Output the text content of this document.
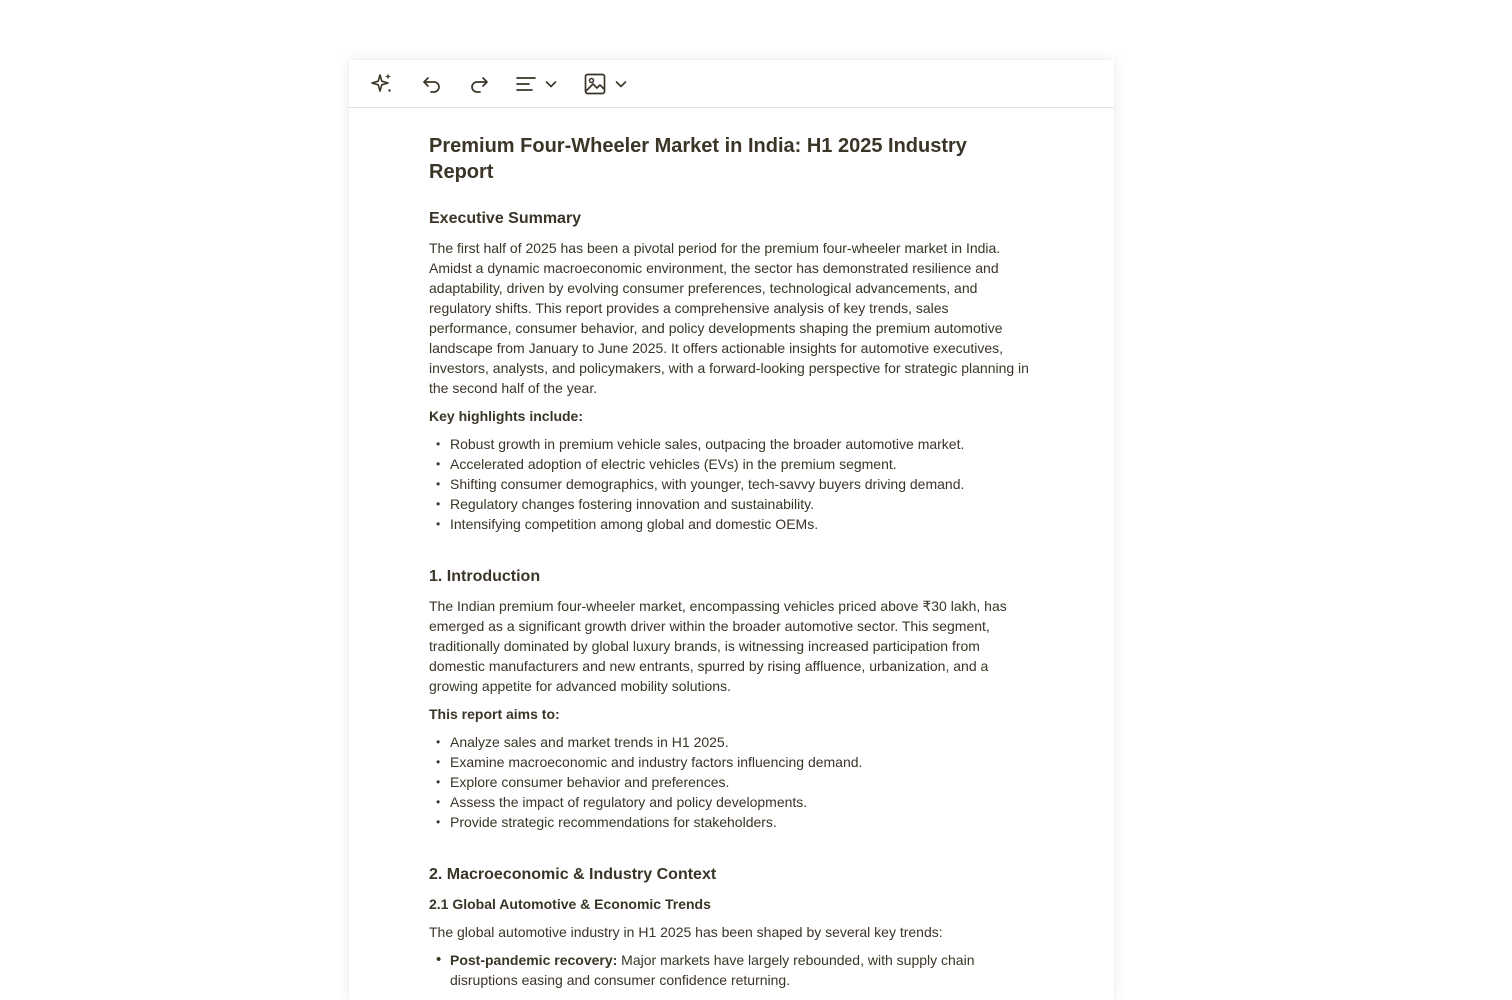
Premium Four-Wheeler Market in India: H1 2025 Industry Report
Executive Summary

The first half of 2025 has been a pivotal period for the premium four-wheeler market in India. Amidst a dynamic macroeconomic environment, the sector has demonstrated resilience and adaptability, driven by evolving consumer preferences, technological advancements, and regulatory shifts. This report provides a comprehensive analysis of key trends, sales performance, consumer behavior, and policy developments shaping the premium automotive landscape from January to June 2025. It offers actionable insights for automotive executives, investors, analysts, and policymakers, with a forward-looking perspective for strategic planning in the second half of the year.

Key highlights include:

• Robust growth in premium vehicle sales, outpacing the broader automotive market.
• Accelerated adoption of electric vehicles (EVs) in the premium segment.
• Shifting consumer demographics, with younger, tech-savvy buyers driving demand.
• Regulatory changes fostering innovation and sustainability.
• Intensifying competition among global and domestic OEMs.
1. Introduction

The Indian premium four-wheeler market, encompassing vehicles priced above ₹30 lakh, has emerged as a significant growth driver within the broader automotive sector. This segment, traditionally dominated by global luxury brands, is witnessing increased participation from domestic manufacturers and new entrants, spurred by rising affluence, urbanization, and a growing appetite for advanced mobility solutions.

This report aims to:

• Analyze sales and market trends in H1 2025.
• Examine macroeconomic and industry factors influencing demand.
• Explore consumer behavior and preferences.
• Assess the impact of regulatory and policy developments.
• Provide strategic recommendations for stakeholders.
2. Macroeconomic & Industry Context
2.1 Global Automotive & Economic Trends

The global automotive industry in H1 2025 has been shaped by several key trends:

• Post-pandemic recovery: Major markets have largely rebounded, with supply chain disruptions easing and consumer confidence returning.
